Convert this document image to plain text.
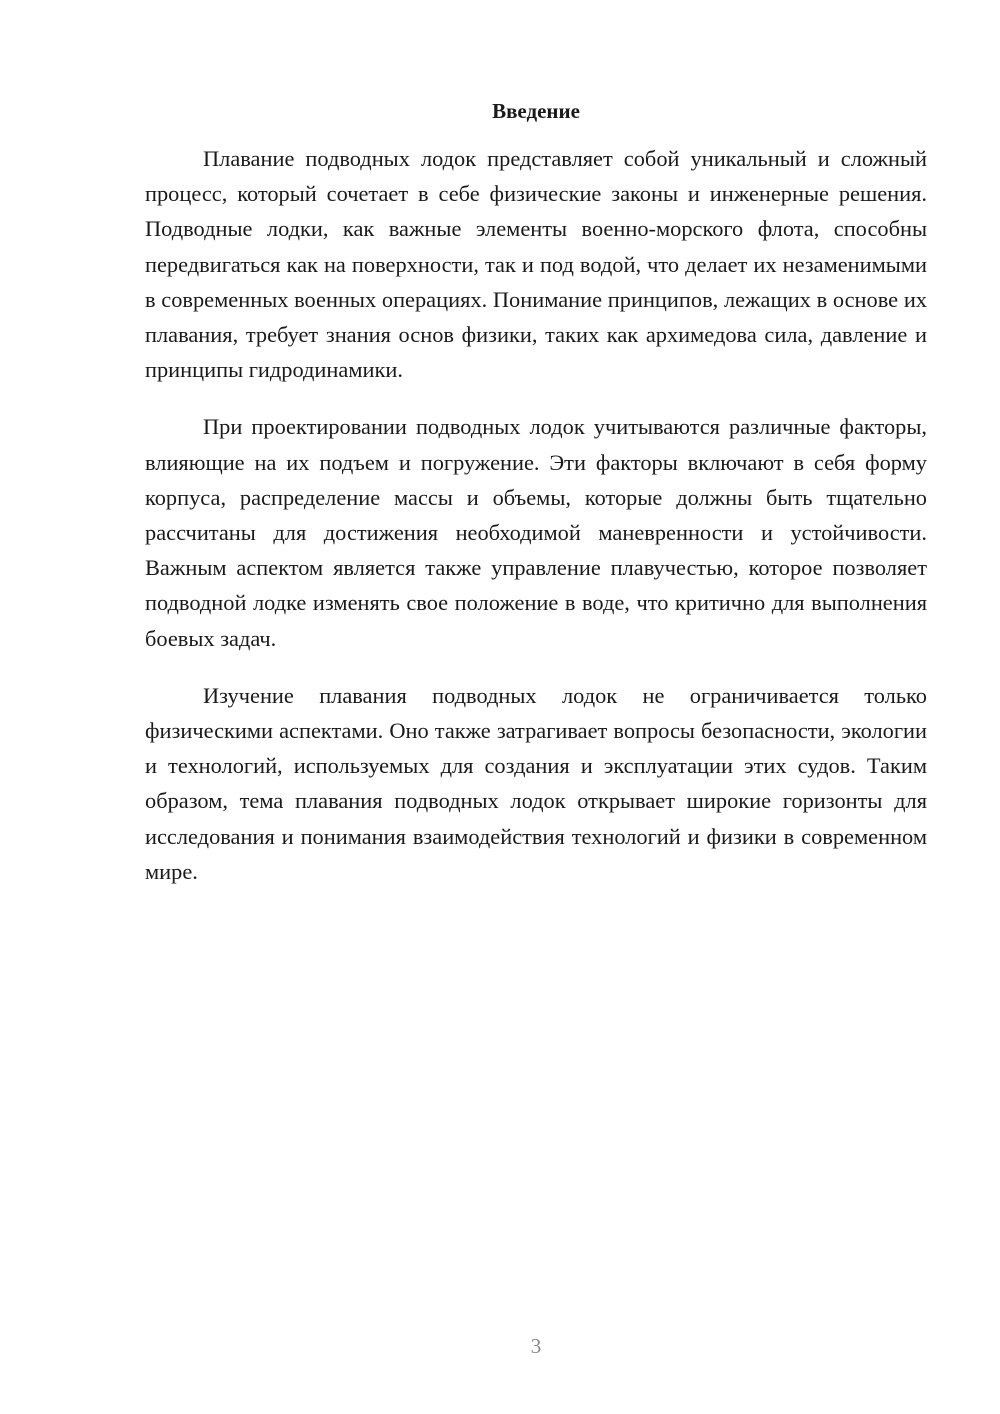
Введение

Плавание подводных лодок представляет собой уникальный и сложный процесс, который сочетает в себе физические законы и инженерные решения. Подводные лодки, как важные элементы военно-морского флота, способны передвигаться как на поверхности, так и под водой, что делает их незаменимыми в современных военных операциях. Понимание принципов, лежащих в основе их плавания, требует знания основ физики, таких как архимедова сила, давление и принципы гидродинамики.

При проектировании подводных лодок учитываются различные факторы, влияющие на их подъем и погружение. Эти факторы включают в себя форму корпуса, распределение массы и объемы, которые должны быть тщательно рассчитаны для достижения необходимой маневренности и устойчивости. Важным аспектом является также управление плавучестью, которое позволяет подводной лодке изменять свое положение в воде, что критично для выполнения боевых задач.

Изучение плавания подводных лодок не ограничивается только физическими аспектами. Оно также затрагивает вопросы безопасности, экологии и технологий, используемых для создания и эксплуатации этих судов. Таким образом, тема плавания подводных лодок открывает широкие горизонты для исследования и понимания взаимодействия технологий и физики в современном мире.

3
